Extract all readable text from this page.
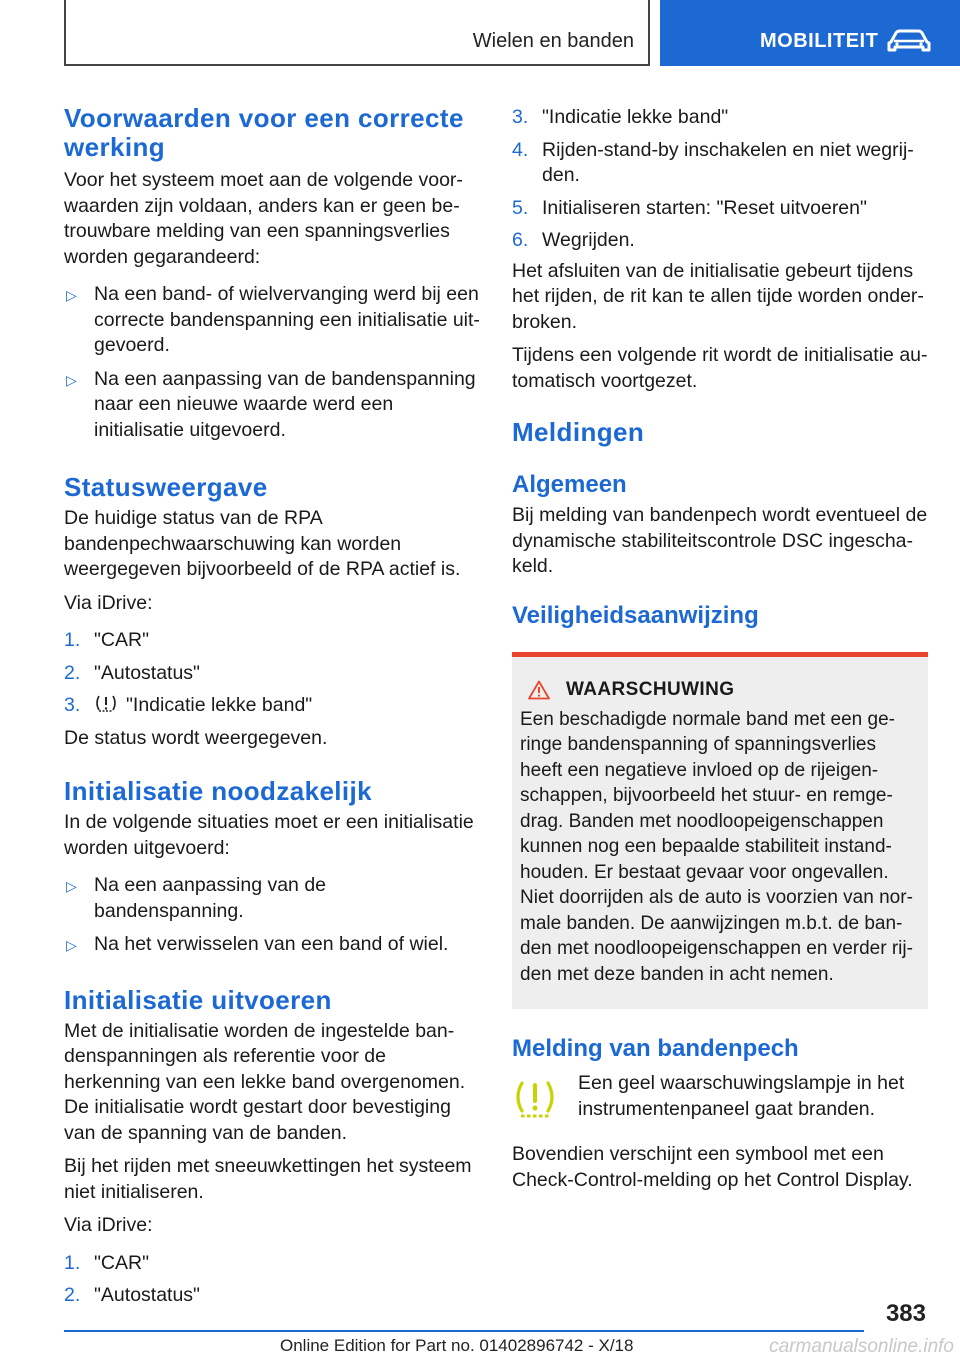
Wielen en banden	MOBILITEIT
Voorwaarden voor een correcte werking
Voor het systeem moet aan de volgende voorwaarden zijn voldaan, anders kan er geen betrouwbare melding van een spanningsverlies worden gegarandeerd:
▷ Na een band- of wielvervanging werd bij een correcte bandenspanning een initialisatie uitgevoerd.
▷ Na een aanpassing van de bandenspanning naar een nieuwe waarde werd een initialisatie uitgevoerd.
Statusweergave
De huidige status van de RPA bandenpechwaarschuwing kan worden weergegeven bijvoorbeeld of de RPA actief is.
Via iDrive:
1. "CAR"
2. "Autostatus"
3. "Indicatie lekke band"
De status wordt weergegeven.
Initialisatie noodzakelijk
In de volgende situaties moet er een initialisatie worden uitgevoerd:
▷ Na een aanpassing van de bandenspanning.
▷ Na het verwisselen van een band of wiel.
Initialisatie uitvoeren
Met de initialisatie worden de ingestelde bandenspanningen als referentie voor de herkenning van een lekke band overgenomen. De initialisatie wordt gestart door bevestiging van de spanning van de banden.
Bij het rijden met sneeuwkettingen het systeem niet initialiseren.
Via iDrive:
1. "CAR"
2. "Autostatus"
3. "Indicatie lekke band"
4. Rijden-stand-by inschakelen en niet wegrijden.
5. Initialiseren starten: "Reset uitvoeren"
6. Wegrijden.
Het afsluiten van de initialisatie gebeurt tijdens het rijden, de rit kan te allen tijde worden onderbroken.
Tijdens een volgende rit wordt de initialisatie automatisch voortgezet.
Meldingen
Algemeen
Bij melding van bandenpech wordt eventueel de dynamische stabiliteitscontrole DSC ingeschakeld.
Veiligheidsaanwijzing
WAARSCHUWING
Een beschadigde normale band met een geringe bandenspanning of spanningsverlies heeft een negatieve invloed op de rijeigenschappen, bijvoorbeeld het stuur- en remgedrag. Banden met noodloopeigenschappen kunnen nog een bepaalde stabiliteit instandhouden. Er bestaat gevaar voor ongevallen. Niet doorrijden als de auto is voorzien van normale banden. De aanwijzingen m.b.t. de banden met noodloopeigenschappen en verder rijden met deze banden in acht nemen.
Melding van bandenpech
Een geel waarschuwingslampje in het instrumentenpaneel gaat branden.
Bovendien verschijnt een symbool met een Check-Control-melding op het Control Display.
383
Online Edition for Part no. 01402896742 - X/18	carmanualsonline.info
